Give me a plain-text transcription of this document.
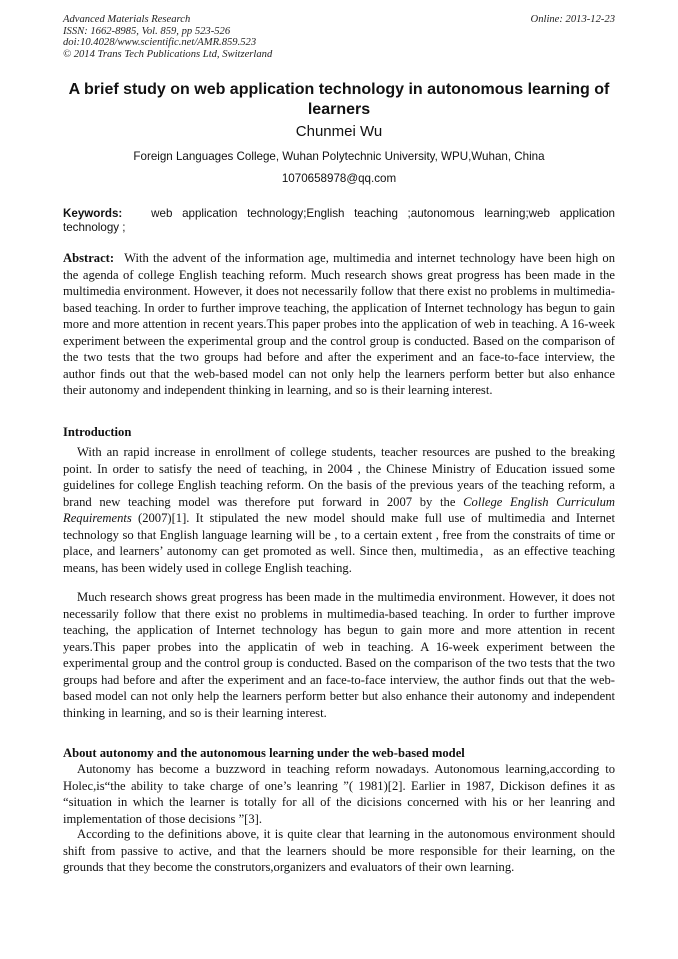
Advanced Materials Research
ISSN: 1662-8985, Vol. 859, pp 523-526
doi:10.4028/www.scientific.net/AMR.859.523
© 2014 Trans Tech Publications Ltd, Switzerland
Online: 2013-12-23
A brief study on web application technology in autonomous learning of learners
Chunmei Wu
Foreign Languages College, Wuhan Polytechnic University, WPU,Wuhan, China
1070658978@qq.com
Keywords: web application technology;English teaching ;autonomous learning;web application technology ;
Abstract: With the advent of the information age, multimedia and internet technology have been high on the agenda of college English teaching reform. Much research shows great progress has been made in the multimedia environment. However, it does not necessarily follow that there exist no problems in multimedia-based teaching. In order to further improve teaching, the application of Internet technology has begun to gain more and more attention in recent years.This paper probes into the application of web in teaching. A 16-week experiment between the experimental group and the control group is conducted. Based on the comparison of the two tests that the two groups had before and after the experiment and an face-to-face interview, the author finds out that the web-based model can not only help the learners perform better but also enhance their autonomy and independent thinking in learning, and so is their learning interest.
Introduction
With an rapid increase in enrollment of college students, teacher resources are pushed to the breaking point. In order to satisfy the need of teaching, in 2004 , the Chinese Ministry of Education issued some guidelines for college English teaching reform. On the basis of the previous years of the teaching reform, a brand new teaching model was therefore put forward in 2007 by the College English Curriculum Requirements (2007)[1]. It stipulated the new model should make full use of multimedia and Internet technology so that English language learning will be , to a certain extent , free from the constraits of time or place, and learners’ autonomy can get promoted as well. Since then, multimedia，as an effective teaching means, has been widely used in college English teaching.
Much research shows great progress has been made in the multimedia environment. However, it does not necessarily follow that there exist no problems in multimedia-based teaching. In order to further improve teaching, the application of Internet technology has begun to gain more and more attention in recent years.This paper probes into the applicatin of web in teaching. A 16-week experiment between the experimental group and the control group is conducted. Based on the comparison of the two tests that the two groups had before and after the experiment and an face-to-face interview, the author finds out that the web-based model can not only help the learners perform better but also enhance their autonomy and independent thinking in learning, and so is their learning interest.
About autonomy and the autonomous learning under the web-based model
Autonomy has become a buzzword in teaching reform nowadays. Autonomous learning,according to Holec,is“the ability to take charge of one’s leanring ”( 1981)[2]. Earlier in 1987, Dickison defines it as “situation in which the learner is totally for all of the dicisions concerned with his or her leanring and implementation of those decisions ”[3].
According to the definitions above, it is quite clear that learning in the autonomous environment should shift from passive to active, and that the learners should be more responsible for their learning, on the grounds that they become the construtors,organizers and evaluators of their own learning.
